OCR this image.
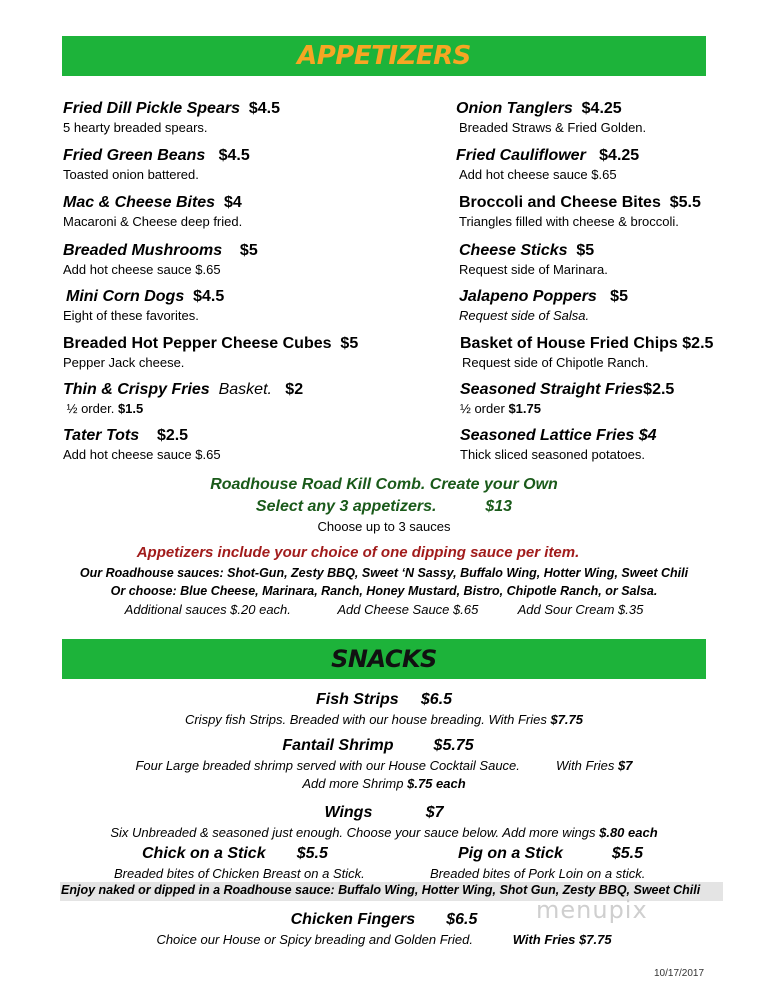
APPETIZERS
Fried Dill Pickle Spears $4.5
5 hearty breaded spears.
Fried Green Beans $4.5
Toasted onion battered.
Mac & Cheese Bites $4
Macaroni & Cheese deep fried.
Breaded Mushrooms $5
Add hot cheese sauce $.65
Mini Corn Dogs $4.5
Eight of these favorites.
Breaded Hot Pepper Cheese Cubes $5
Pepper Jack cheese.
Thin & Crispy Fries Basket. $2
½ order. $1.5
Tater Tots $2.5
Add hot cheese sauce $.65
Onion Tanglers $4.25
Breaded Straws & Fried Golden.
Fried Cauliflower $4.25
Add hot cheese sauce $.65
Broccoli and Cheese Bites $5.5
Triangles filled with cheese & broccoli.
Cheese Sticks $5
Request side of Marinara.
Jalapeno Poppers $5
Request side of Salsa.
Basket of House Fried Chips $2.5
Request side of Chipotle Ranch.
Seasoned Straight Fries$2.5
½ order $1.75
Seasoned Lattice Fries $4
Thick sliced seasoned potatoes.
Roadhouse Road Kill Comb. Create your Own
Select any 3 appetizers.	$13
Choose up to 3 sauces
Appetizers include your choice of one dipping sauce per item.
Our Roadhouse sauces: Shot-Gun, Zesty BBQ, Sweet ‘N Sassy, Buffalo Wing, Hotter Wing, Sweet Chili
Or choose: Blue Cheese, Marinara, Ranch, Honey Mustard, Bistro, Chipotle Ranch, or Salsa.
Additional sauces $.20 each.	Add Cheese Sauce $.65	Add Sour Cream $.35
SNACKS
Fish Strips $6.5
Crispy fish Strips. Breaded with our house breading. With Fries $7.75
Fantail Shrimp	$5.75
Four Large breaded shrimp served with our House Cocktail Sauce.	With Fries $7
Add more Shrimp $.75 each
Wings	$7
Six Unbreaded & seasoned just enough. Choose your sauce below. Add more wings $.80 each
Chick on a Stick $5.5
Breaded bites of Chicken Breast on a Stick.
Pig on a Stick	$5.5
Breaded bites of Pork Loin on a stick.
Enjoy naked or dipped in a Roadhouse sauce: Buffalo Wing, Hotter Wing, Shot Gun, Zesty BBQ, Sweet Chili
menupix
Chicken Fingers $6.5
Choice our House or Spicy breading and Golden Fried.	With Fries $7.75
10/17/2017
